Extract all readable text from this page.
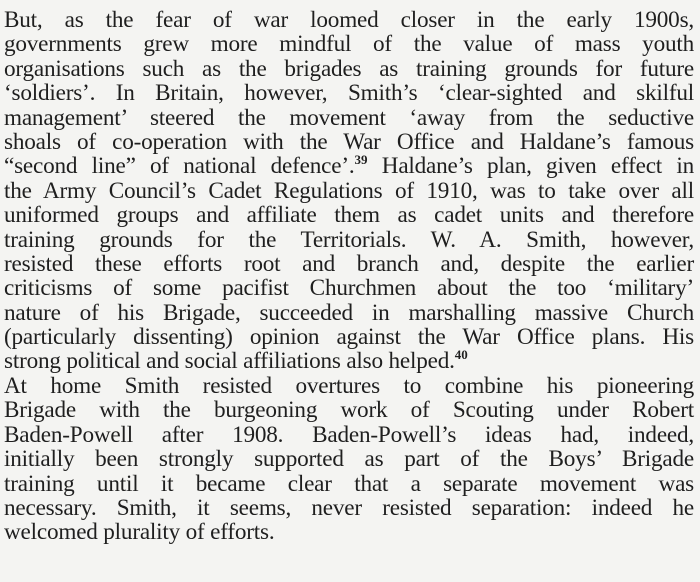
But, as the fear of war loomed closer in the early 1900s,
governments grew more mindful of the value of mass youth
organisations such as the brigades as training grounds for future
‘soldiers’. In Britain, however, Smith’s ‘clear-sighted and skilful
management’ steered the movement ‘away from the seductive
shoals of co-operation with the War Office and Haldane’s famous
“second line” of national defence’.$^{39}$ Haldane’s plan, given effect in
the Army Council’s Cadet Regulations of 1910, was to take over all
uniformed groups and affiliate them as cadet units and therefore
training grounds for the Territorials. W. A. Smith, however,
resisted these efforts root and branch and, despite the earlier
criticisms of some pacifist Churchmen about the too ‘military’
nature of his Brigade, succeeded in marshalling massive Church
(particularly dissenting) opinion against the War Office plans. His
strong political and social affiliations also helped.$^{40}$
At home Smith resisted overtures to combine his pioneering
Brigade with the burgeoning work of Scouting under Robert
Baden-Powell after 1908. Baden-Powell’s ideas had, indeed,
initially been strongly supported as part of the Boys’ Brigade
training until it became clear that a separate movement was
necessary. Smith, it seems, never resisted separation: indeed he
welcomed plurality of efforts.
